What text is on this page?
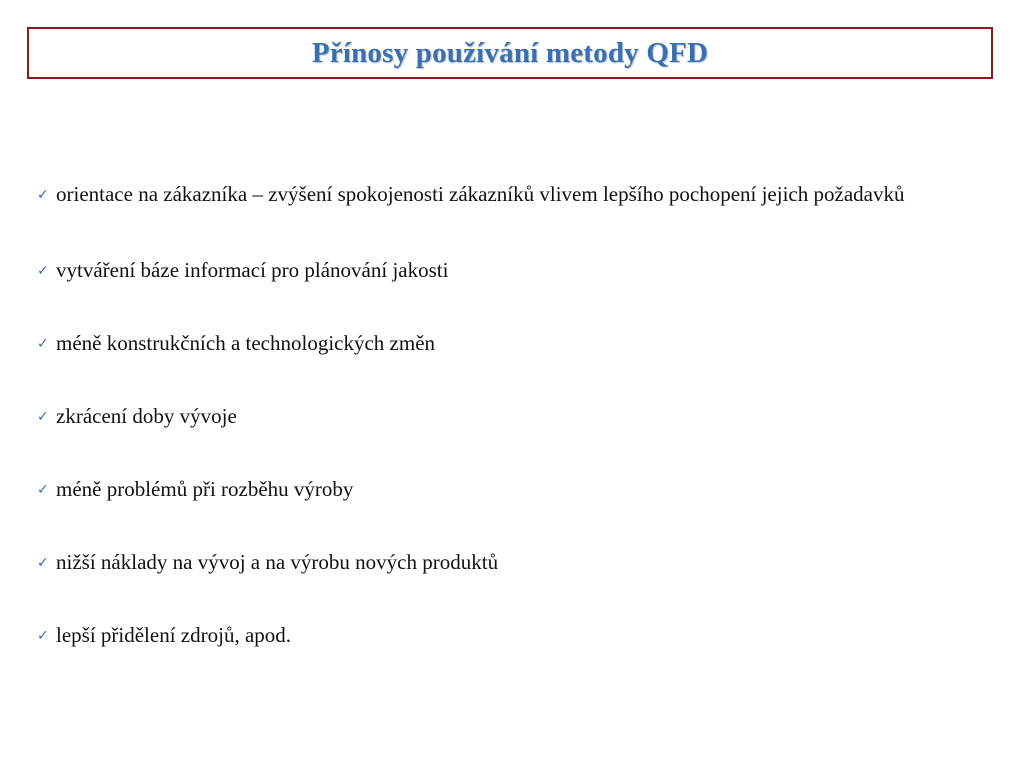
Přínosy používání metody QFD
✓ orientace na zákazníka – zvýšení spokojenosti zákazníků vlivem lepšího pochopení jejich požadavků
✓ vytváření báze informací pro plánování jakosti
✓ méně konstrukčních a technologických změn
✓ zkrácení doby vývoje
✓ méně problémů při rozběhu výroby
✓ nižší náklady na vývoj a na výrobu nových produktů
✓ lepší přidělení zdrojů, apod.
